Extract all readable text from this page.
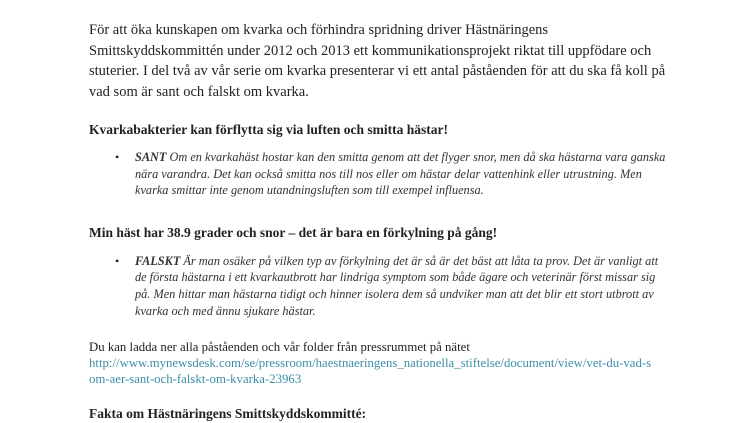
För att öka kunskapen om kvarka och förhindra spridning driver Hästnäringens Smittskyddskommittén under 2012 och 2013 ett kommunikationsprojekt riktat till uppfödare och stuterier. I del två av vår serie om kvarka presenterar vi ett antal påståenden för att du ska få koll på vad som är sant och falskt om kvarka.

Kvarkabakterier kan förflytta sig via luften och smitta hästar!
• SANT Om en kvarkahäst hostar kan den smitta genom att det flyger snor, men då ska hästarna vara ganska nära varandra. Det kan också smitta nos till nos eller om hästar delar vattenhink eller utrustning. Men kvarka smittar inte genom utandningsluften som till exempel influensa.
Min häst har 38.9 grader och snor – det är bara en förkylning på gång!
• FALSKT Är man osäker på vilken typ av förkylning det är så är det bäst att låta ta prov. Det är vanligt att de första hästarna i ett kvarkautbrott har lindriga symptom som både ägare och veterinär först missar sig på. Men hittar man hästarna tidigt och hinner isolera dem så undviker man att det blir ett stort utbrott av kvarka och med ännu sjukare hästar.
Du kan ladda ner alla påståenden och vår folder från pressrummet på nätet
http://www.mynewsdesk.com/se/pressroom/haestnaeringens_nationella_stiftelse/document/view/vet-du-vad-som-aer-sant-och-falskt-om-kvarka-23963
Fakta om Hästnäringens Smittskyddskommitté:
